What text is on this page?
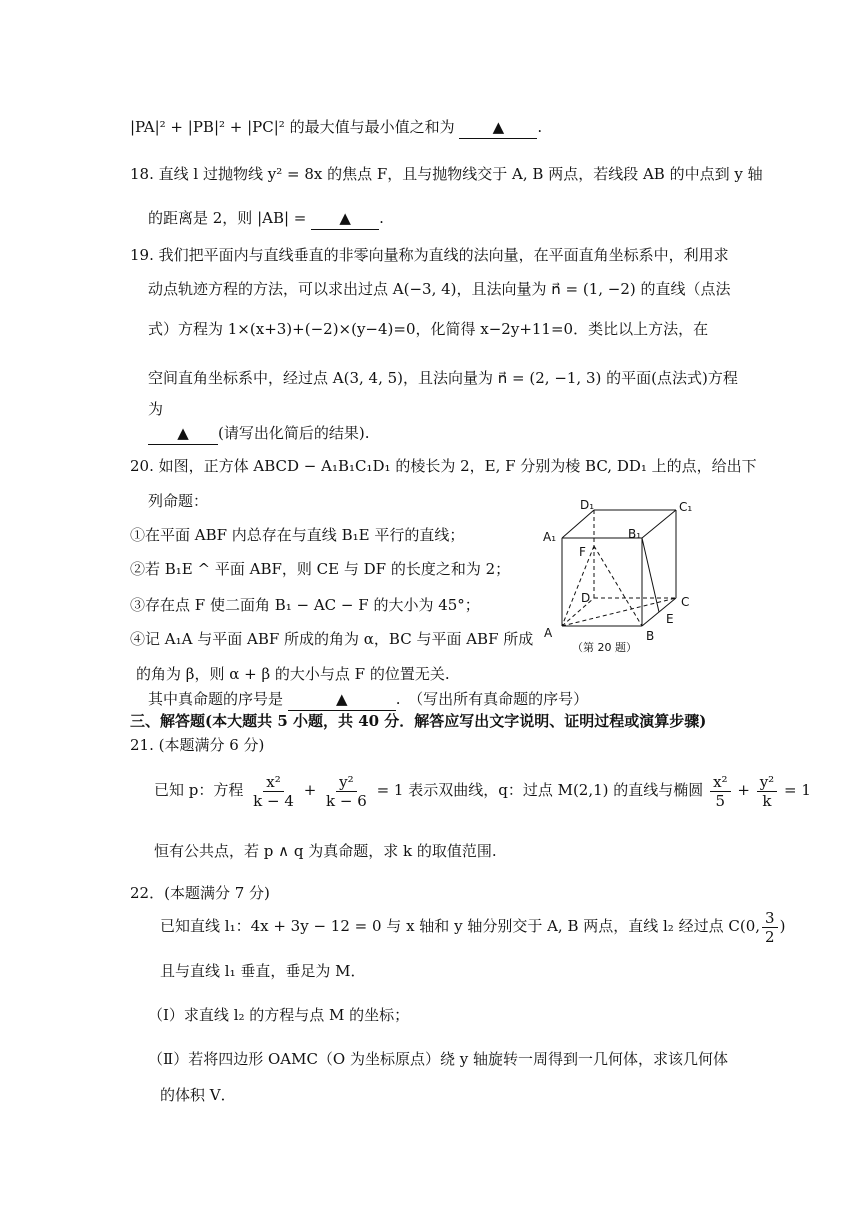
|PA|² + |PB|² + |PC|² 的最大值与最小值之和为	▲ .
18. 直线 l 过抛物线 y² = 8x 的焦点 F，且与抛物线交于 A, B 两点，若线段 AB 的中点到 y 轴
的距离是 2，则 |AB| = ▲ .
19. 我们把平面内与直线垂直的非零向量称为直线的法向量，在平面直角坐标系中，利用求
动点轨迹方程的方法，可以求出过点 A(−3, 4)，且法向量为 n⃗ = (1, −2) 的直线（点法
式）方程为 1×(x+3)+(−2)×(y−4)=0，化简得 x−2y+11=0．类比以上方法，在
空间直角坐标系中，经过点 A(3, 4, 5)，且法向量为 n⃗ = (2, −1, 3) 的平面(点法式)方程
为
▲ (请写出化简后的结果).
20. 如图，正方体 ABCD − A₁B₁C₁D₁ 的棱长为 2，E, F 分别为棱 BC, DD₁ 上的点，给出下
列命题：
①在平面 ABF 内总存在与直线 B₁E 平行的直线；
②若 B₁E ^ 平面 ABF，则 CE 与 DF 的长度之和为 2；
③存在点 F 使二面角 B₁ − AC − F 的大小为 45°；
④记 A₁A 与平面 ABF 所成的角为 α，BC 与平面 ABF 所成
的角为 β，则 α + β 的大小与点 F 的位置无关.
其中真命题的序号是	▲	.　（写出所有真命题的序号）
D₁	C₁
A₁	B₁
F
D	C
E
A	B
（第 20 题）
三、解答题(本大题共 5 小题，共 40 分．解答应写出文字说明、证明过程或演算步骤)
21. (本题满分 6 分)
已知 p：方程 $\frac{\text{x²}}{k - 4} + \frac{\text{y²}}{k - 6} = 1$ 表示双曲线，q：过点 M(2,1) 的直线与椭圆 $\frac{\text{x²}}{5} + \frac{\text{y²}}{k} = 1$
恒有公共点，若 p ∧ q 为真命题，求 k 的取值范围.
22．(本题满分 7 分)
已知直线 l₁：4x + 3y − 12 = 0 与 x 轴和 y 轴分别交于 A, B 两点，直线 l₂ 经过点 C(0, $\frac{3}{2}$ )
且与直线 l₁ 垂直，垂足为 M．
（Ⅰ）求直线 l₂ 的方程与点 M 的坐标；
（Ⅱ）若将四边形 OAMC（O 为坐标原点）绕 y 轴旋转一周得到一几何体，求该几何体
的体积 V．
